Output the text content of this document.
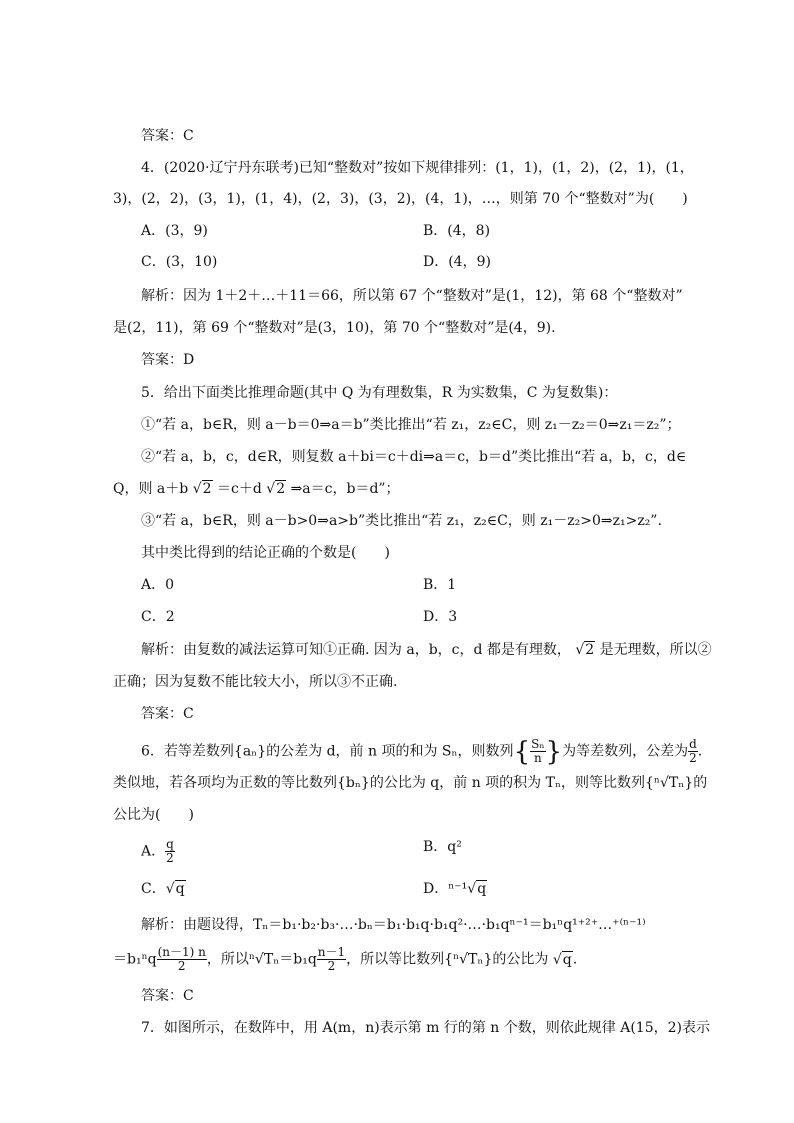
答案：C
4．(2020·辽宁丹东联考)已知“整数对”按如下规律排列：(1，1)，(1，2)，(2，1)，(1，
3)，(2，2)，(3，1)，(1，4)，(2，3)，(3，2)，(4，1)，…，则第 70 个“整数对”为(　　)
A．(3，9)	B．(4，8)
C．(3，10)	D．(4，9)
解析：因为 1＋2＋…＋11＝66，所以第 67 个“整数对”是(1，12)，第 68 个“整数对”
是(2，11)，第 69 个“整数对”是(3，10)，第 70 个“整数对”是(4，9).
答案：D
5．给出下面类比推理命题(其中 Q 为有理数集，R 为实数集，C 为复数集)：
①“若 a，b∈R，则 a－b＝0⇒a＝b”类比推出“若 z₁，z₂∈C，则 z₁－z₂＝0⇒z₁＝z₂”；
②“若 a，b，c，d∈R，则复数 a＋bi＝c＋di⇒a＝c，b＝d”类比推出“若 a，b，c，d∈
Q，则 a＋b √2 ＝c＋d √2 ⇒a＝c，b＝d”；
③“若 a，b∈R，则 a－b>0⇒a>b”类比推出“若 z₁，z₂∈C，则 z₁－z₂>0⇒z₁>z₂”.
其中类比得到的结论正确的个数是(　　)
A．0	B．1
C．2	D．3
解析：由复数的减法运算可知①正确. 因为 a，b，c，d 都是有理数， √2 是无理数，所以②
正确；因为复数不能比较大小，所以③不正确.
答案：C
6．若等差数列{aₙ}的公差为 d，前 n 项的和为 Sₙ，则数列{ $\frac{\text{Sₙ}}{n}$ }为等差数列，公差为 $\frac{d}{2}$ .
类似地，若各项均为正数的等比数列{bₙ}的公比为 q，前 n 项的积为 Tₙ，则等比数列{ⁿ√Tₙ}的
公比为(　　)
A． $\frac{q}{2}$	B．q²
C．√q	D．ⁿ⁻¹√q
解析：由题设得，Tₙ＝b₁·b₂·b₃·…·bₙ＝b₁·b₁q·b₁q²·…·b₁qⁿ⁻¹＝b₁ⁿq¹⁺²⁺…⁺⁽ⁿ⁻¹⁾
$=b_1^nq \frac{(n-1) n}{2}$ ，所以$^n√T_n=b_1q \frac{n-1}{2}$ ，所以等比数列{ⁿ√Tₙ}的公比为 √q.
答案：C
7．如图所示，在数阵中，用 A(m，n)表示第 m 行的第 n 个数，则依此规律 A(15，2)表示
